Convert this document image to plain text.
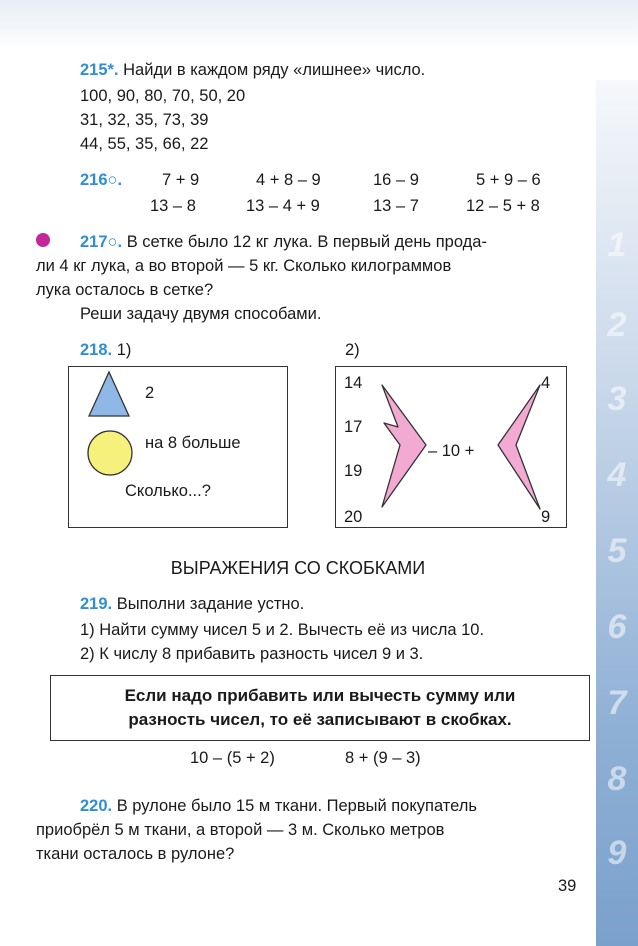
1
2
3
4
5
6
7
8
9
215*. Найди в каждом ряду «лишнее» число.
100, 90, 80, 70, 50, 20
31, 32, 35, 73, 39
44, 55, 35, 66, 22
216○. 7 + 9	4 + 8 – 9	16 – 9	5 + 9 – 6
13 – 8	13 – 4 + 9	13 – 7	12 – 5 + 8
217○. В сетке было 12 кг лука. В первый день прода-
ли 4 кг лука, а во второй — 5 кг. Сколько килограммов
лука осталось в сетке?
Реши задачу двумя способами.
218. 1)	2)
2
на 8 больше
Сколько...?
14
17
19
20
4
9
– 10 +
ВЫРАЖЕНИЯ СО СКОБКАМИ
219. Выполни задание устно.
1) Найти сумму чисел 5 и 2. Вычесть её из числа 10.
2) К числу 8 прибавить разность чисел 9 и 3.
Если надо прибавить или вычесть сумму или
разность чисел, то её записывают в скобках.
10 – (5 + 2)	8 + (9 – 3)
220. В рулоне было 15 м ткани. Первый покупатель
приобрёл 5 м ткани, а второй — 3 м. Сколько метров
ткани осталось в рулоне?
39
